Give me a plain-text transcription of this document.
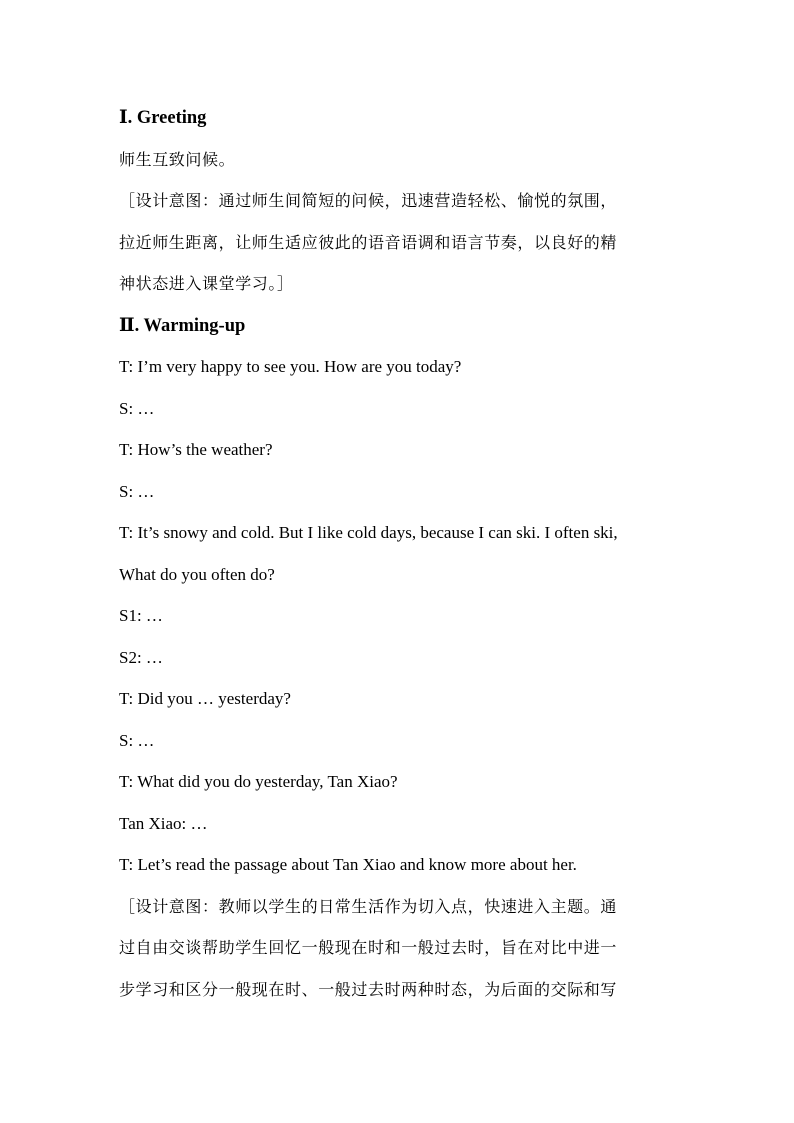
Ⅰ. Greeting
师生互致问候。
［设计意图：通过师生间简短的问候，迅速营造轻松、愉悦的氛围，
拉近师生距离，让师生适应彼此的语音语调和语言节奏，以良好的精
神状态进入课堂学习。］
Ⅱ. Warming-up
T: I’m very happy to see you. How are you today?
S: …
T: How’s the weather?
S: …
T: It’s snowy and cold. But I like cold days, because I can ski. I often ski,
What do you often do?
S1: …
S2: …
T: Did you … yesterday?
S: …
T: What did you do yesterday, Tan Xiao?
Tan Xiao: …
T: Let’s read the passage about Tan Xiao and know more about her.
［设计意图：教师以学生的日常生活作为切入点，快速进入主题。通
过自由交谈帮助学生回忆一般现在时和一般过去时，旨在对比中进一
步学习和区分一般现在时、一般过去时两种时态，为后面的交际和写
